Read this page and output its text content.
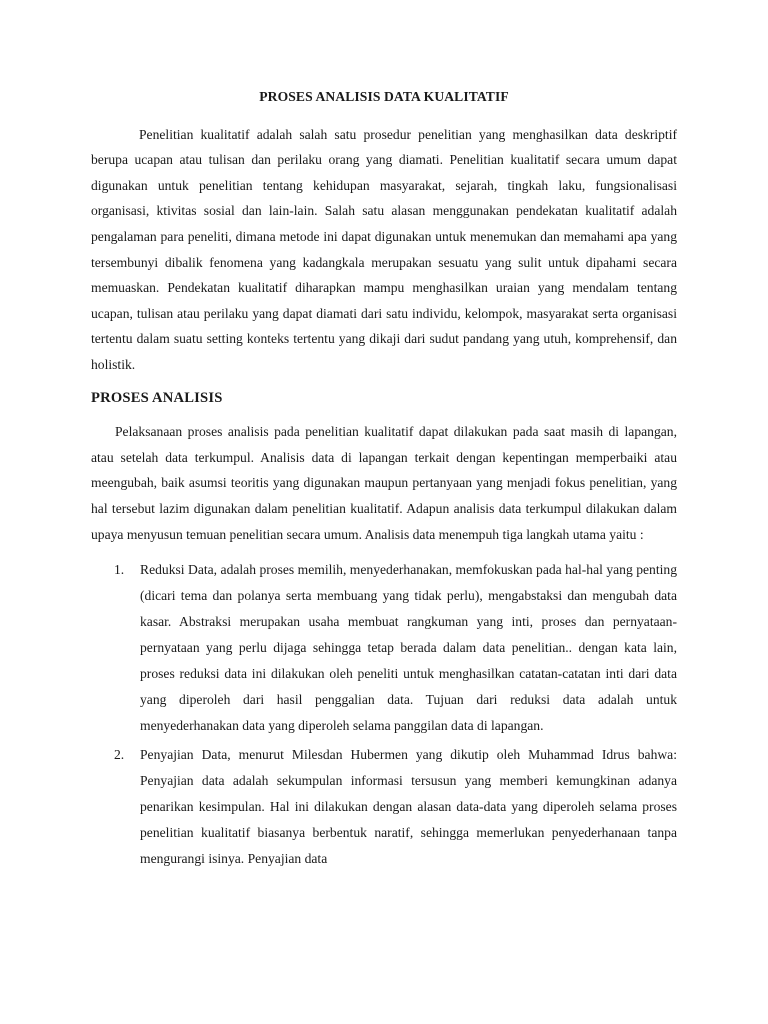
PROSES ANALISIS DATA KUALITATIF

Penelitian kualitatif adalah salah satu prosedur penelitian yang menghasilkan data deskriptif berupa ucapan atau tulisan dan perilaku orang yang diamati. Penelitian kualitatif secara umum dapat digunakan untuk penelitian tentang kehidupan masyarakat, sejarah, tingkah laku, fungsionalisasi organisasi, ktivitas sosial dan lain-lain. Salah satu alasan menggunakan pendekatan kualitatif adalah pengalaman para peneliti, dimana metode ini dapat digunakan untuk menemukan dan memahami apa yang tersembunyi dibalik fenomena yang kadangkala merupakan sesuatu yang sulit untuk dipahami secara memuaskan. Pendekatan kualitatif diharapkan mampu menghasilkan uraian yang mendalam tentang ucapan, tulisan atau perilaku yang dapat diamati dari satu individu, kelompok, masyarakat serta organisasi tertentu dalam suatu setting konteks tertentu yang dikaji dari sudut pandang yang utuh, komprehensif, dan holistik.

PROSES ANALISIS

Pelaksanaan proses analisis pada penelitian kualitatif dapat dilakukan pada saat masih di lapangan, atau setelah data terkumpul. Analisis data di lapangan terkait dengan kepentingan memperbaiki atau meengubah, baik asumsi teoritis yang digunakan maupun pertanyaan yang menjadi fokus penelitian, yang hal tersebut lazim digunakan dalam penelitian kualitatif. Adapun analisis data terkumpul dilakukan dalam upaya menyusun temuan penelitian secara umum. Analisis data menempuh tiga langkah utama yaitu :

1. Reduksi Data, adalah proses memilih, menyederhanakan, memfokuskan pada hal-hal yang penting (dicari tema dan polanya serta membuang yang tidak perlu), mengabstaksi dan mengubah data kasar. Abstraksi merupakan usaha membuat rangkuman yang inti, proses dan pernyataan-pernyataan yang perlu dijaga sehingga tetap berada dalam data penelitian.. dengan kata lain, proses reduksi data ini dilakukan oleh peneliti untuk menghasilkan catatan-catatan inti dari data yang diperoleh dari hasil penggalian data. Tujuan dari reduksi data adalah untuk menyederhanakan data yang diperoleh selama panggilan data di lapangan.
2. Penyajian Data, menurut Milesdan Hubermen yang dikutip oleh Muhammad Idrus bahwa: Penyajian data adalah sekumpulan informasi tersusun yang memberi kemungkinan adanya penarikan kesimpulan. Hal ini dilakukan dengan alasan data-data yang diperoleh selama proses penelitian kualitatif biasanya berbentuk naratif, sehingga memerlukan penyederhanaan tanpa mengurangi isinya. Penyajian data
